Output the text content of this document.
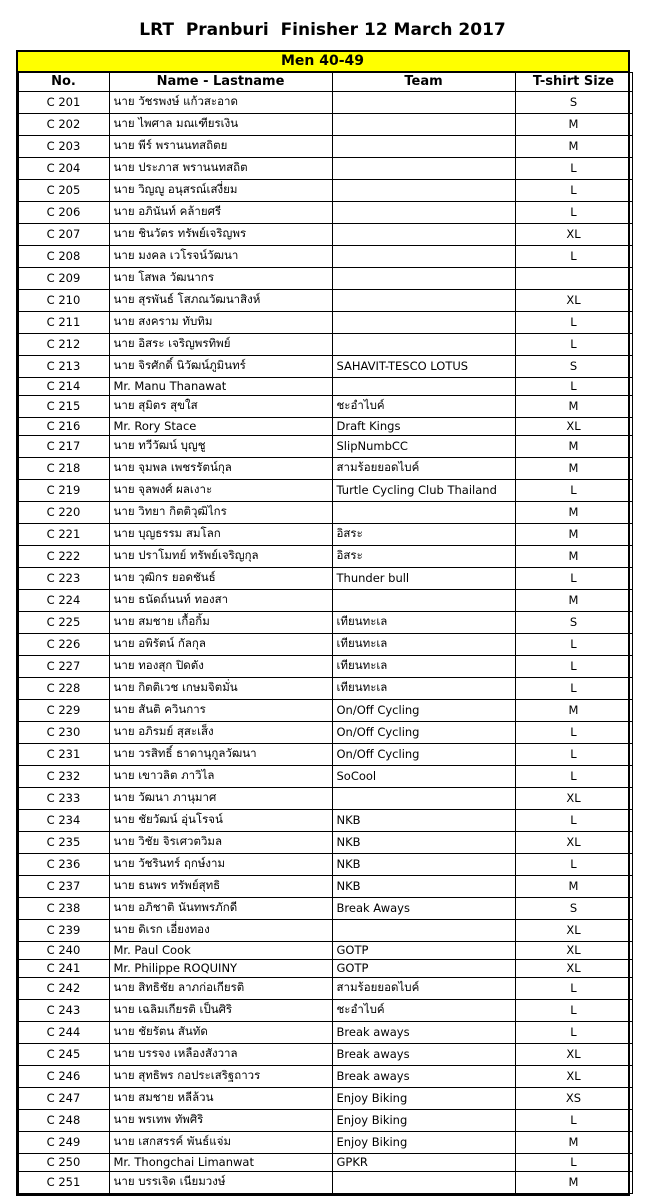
LRT  Pranburi  Finisher 12 March 2017
Men 40-49
No.	Name - Lastname	Team	T-shirt Size
C 201	นาย วัชรพงษ์ แก้วสะอาด		S
C 202	นาย ไพศาล มณเฑียรเงิน		M
C 203	นาย พีร์ พรานนทสถิตย		M
C 204	นาย ประภาส พรานนทสถิต		L
C 205	นาย วิญญู อนุสรณ์เสงี่ยม		L
C 206	นาย อภินันท์ คล้ายศรี		L
C 207	นาย ชินวัตร ทรัพย์เจริญพร		XL
C 208	นาย มงคล เวโรจน์วัฒนา		L
C 209	นาย โสพล วัฒนากร		
C 210	นาย สุรพันธ์ โสภณวัฒนาสิงห์		XL
C 211	นาย สงคราม ทับทิม		L
C 212	นาย อิสระ เจริญพรทิพย์		L
C 213	นาย จิรศักดิ์ นิวัฒน์ภูมินทร์	SAHAVIT-TESCO LOTUS	S
C 214	Mr. Manu Thanawat		L
C 215	นาย สุมิตร สุขใส	ชะอำไบค์	M
C 216	Mr. Rory Stace	Draft Kings	XL
C 217	นาย ทวีวัฒน์ บุญชู	SlipNumbCC	M
C 218	นาย จุมพล เพชรรัตน์กุล	สามร้อยยอดไบค์	M
C 219	นาย จุลพงศ์ ผลเงาะ	Turtle Cycling Club Thailand	L
C 220	นาย วิทยา กิตติวุฒิไกร		M
C 221	นาย บุญธรรม สมโลก	อิสระ	M
C 222	นาย ปราโมทย์ ทรัพย์เจริญกุล	อิสระ	M
C 223	นาย วุฒิกร ยอดชันธ์	Thunder bull	L
C 224	นาย ธนัดถ์นนท์ ทองสา		M
C 225	นาย สมชาย เกื้อกิ้ม	เทียนทะเล	S
C 226	นาย อพิรัตน์ กัลกุล	เทียนทะเล	L
C 227	นาย ทองสุก ปิดตัง	เทียนทะเล	L
C 228	นาย กิตติเวช เกษมจิตมั่น	เทียนทะเล	L
C 229	นาย สันติ ควินการ	On/Off Cycling	M
C 230	นาย อภิรมย์ สุสะเส็ง	On/Off Cycling	L
C 231	นาย วรสิทธิ์ ธาดานุกูลวัฒนา	On/Off Cycling	L
C 232	นาย เขาวลิต ภาวิไล	SoCool	L
C 233	นาย วัฒนา ภานุมาศ		XL
C 234	นาย ชัยวัฒน์ อุ่นโรจน์	NKB	L
C 235	นาย วิชัย จิรเศวตวิมล	NKB	XL
C 236	นาย วัชรินทร์ ฤกษ์งาม	NKB	L
C 237	นาย ธนพร ทรัพย์สุทธิ	NKB	M
C 238	นาย อภิชาติ นันทพรภักดี	Break Aways	S
C 239	นาย ดิเรก เอี่ยงทอง		XL
C 240	Mr. Paul Cook	GOTP	XL
C 241	Mr. Philippe ROQUINY	GOTP	XL
C 242	นาย สิทธิชัย ลาภก่อเกียรติ	สามร้อยยอดไบค์	L
C 243	นาย เฉลิมเกียรติ เป็นศิริ	ชะอำไบค์	L
C 244	นาย ชัยรัตน สันทัด	Break aways	L
C 245	นาย บรรจง เหลืองสังวาล	Break aways	XL
C 246	นาย สุทธิพร กอประเสริฐถาวร	Break aways	XL
C 247	นาย สมชาย หลีล้วน	Enjoy Biking	XS
C 248	นาย พรเทพ ทัพศิริ	Enjoy Biking	L
C 249	นาย เสกสรรค์ พันธ์แจ่ม	Enjoy Biking	M
C 250	Mr. Thongchai Limanwat	GPKR	L
C 251	นาย บรรเจิด เนียมวงษ์		M
